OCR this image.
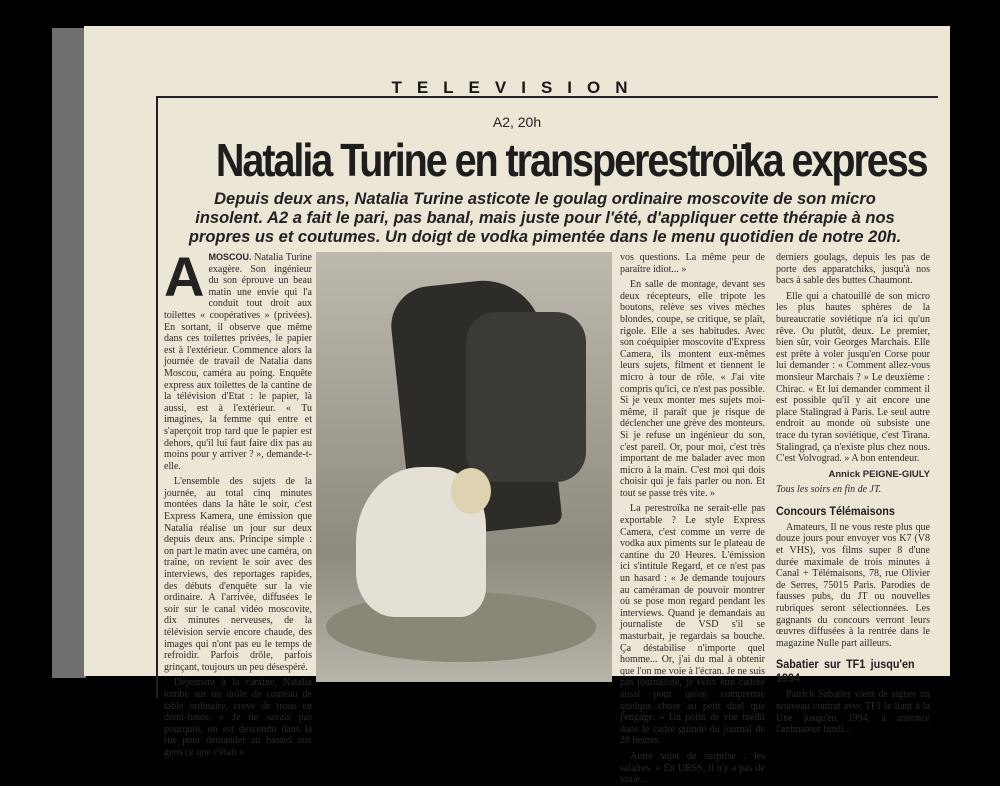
TELEVISION
A2, 20h
Natalia Turine en transperestroïka express
Depuis deux ans, Natalia Turine asticote le goulag ordinaire moscovite de son micro insolent. A2 a fait le pari, pas banal, mais juste pour l'été, d'appliquer cette thérapie à nos propres us et coutumes. Un doigt de vodka pimentée dans le menu quotidien de notre 20h.
A MOSCOU. Natalia Turine exagère. Son ingénieur du son éprouve un beau matin une envie qui l'a conduit tout droit aux toilettes « coopératives » (privées). En sortant, il observe que même dans ces toilettes privées, le papier est à l'extérieur. Commence alors la journée de travail de Natalia dans Moscou, caméra au poing. Enquête express aux toilettes de la cantine de la télévision d'Etat : le papier, là aussi, est à l'extérieur. « Tu imagines, la femme qui entre et s'aperçoit trop tard que le papier est dehors, qu'il lui faut faire dix pas au moins pour y arriver ? », demande-t-elle.

L'ensemble des sujets de la journée, au total cinq minutes montées dans la hâte le soir, c'est Express Kamera, une émission que Natalia réalise un jour sur deux depuis deux ans. Principe simple : on part le matin avec une caméra, on traîne, on revient le soir avec des interviews, des reportages rapides, des débuts d'enquête sur la vie ordinaire. A l'arrivée, diffusées le soir sur le canal vidéo moscovite, dix minutes nerveuses, de la télévision servie encore chaude, des images qui n'ont pas eu le temps de refroidir. Parfois drôle, parfois grinçant, toujours un peu désespéré.

Déjeunant à la cantine, Natalia tombe sur un drôle de couteau de table ordinaire, crevé de trous en demi-lunes. « Je ne savais pas pourquoi, on est descendu dans la rue pour demander au hasard aux gens ce que c'était »

vos questions. La même peur de paraître idiot... »

En salle de montage, devant ses deux récepteurs, elle tripote les boutons, relève ses vives mèches blondes, coupe, se critique, se plaît, rigole. Elle a ses habitudes. Avec son coéquipier moscovite d'Express Camera, ils montent eux-mêmes leurs sujets, filment et tiennent le micro à tour de rôle. « J'ai vite compris qu'ici, ce n'est pas possible. Si je veux monter mes sujets moi-même, il paraît que je risque de déclencher une grève des monteurs. Si je refuse un ingénieur du son, c'est pareil. Or, pour moi, c'est très important de me balader avec mon micro à la main. C'est moi qui dois choisir qui je fais parler ou non. Et tout se passe très vite. »

La perestroïka ne serait-elle pas exportable ? Le style Express Camera, c'est comme un verre de vodka aux piments sur le plateau de cantine du 20 Heures. L'émission ici s'intitule Regard, et ce n'est pas un hasard : « Je demande toujours au caméraman de pouvoir montrer où se pose mon regard pendant les interviews. Quand je demandais au journaliste de VSD s'il se masturbait, je regardais sa bouche. Ça déstabilise n'importe quel homme... Or, j'ai du mal à obtenir que l'on me voie à l'écran. Je ne suis pas journaliste, je veux être cadrée aussi pour qu'on comprenne quelque chose au petit duel que j'engage. » Un point de vue inédit dans le cadre guindé du journal de 20 heures.

Autre sujet de surprise : les salaires. « En URSS, il n'y a pas de vraie...

derniers goulags, depuis les pas de porte des apparatchiks, jusqu'à nos bacs à sable des buttes Chaumont.

Elle qui a chatouillé de son micro les plus hautes sphères de la bureaucratie soviétique n'a ici qu'un rêve. Ou plutôt, deux. Le premier, bien sûr, voir Georges Marchais. Elle est prête à voler jusqu'en Corse pour lui demander : « Comment allez-vous monsieur Marchais ? » Le deuxième : Chirac. « Et lui demander comment il est possible qu'il y ait encore une place Stalingrad à Paris. Le seul autre endroit au monde où subsiste une trace du tyran soviétique, c'est Tirana. Stalingrad, ça n'existe plus chez nous. C'est Volvograd. » A bon entendeur.

Annick PEIGNE-GIULY

Tous les soirs en fin de JT.

Concours Télémaisons

Amateurs, Il ne vous reste plus que douze jours pour envoyer vos K7 (V8 et VHS), vos films super 8 d'une durée maximale de trois minutes à Canal + Télémaisons, 78, rue Olivier de Serres, 75015 Paris. Parodies de fausses pubs, du JT ou nouvelles rubriques seront sélectionnées. Les gagnants du concours verront leurs œuvres diffusées à la rentrée dans le magazine Nulle part ailleurs.

Sabatier sur TF1 jusqu'en 1994

Patrick Sabatier vient de signer un nouveau contrat avec TF1 le liant à la Une jusqu'en 1994, a annoncé l'animateur lundi...
